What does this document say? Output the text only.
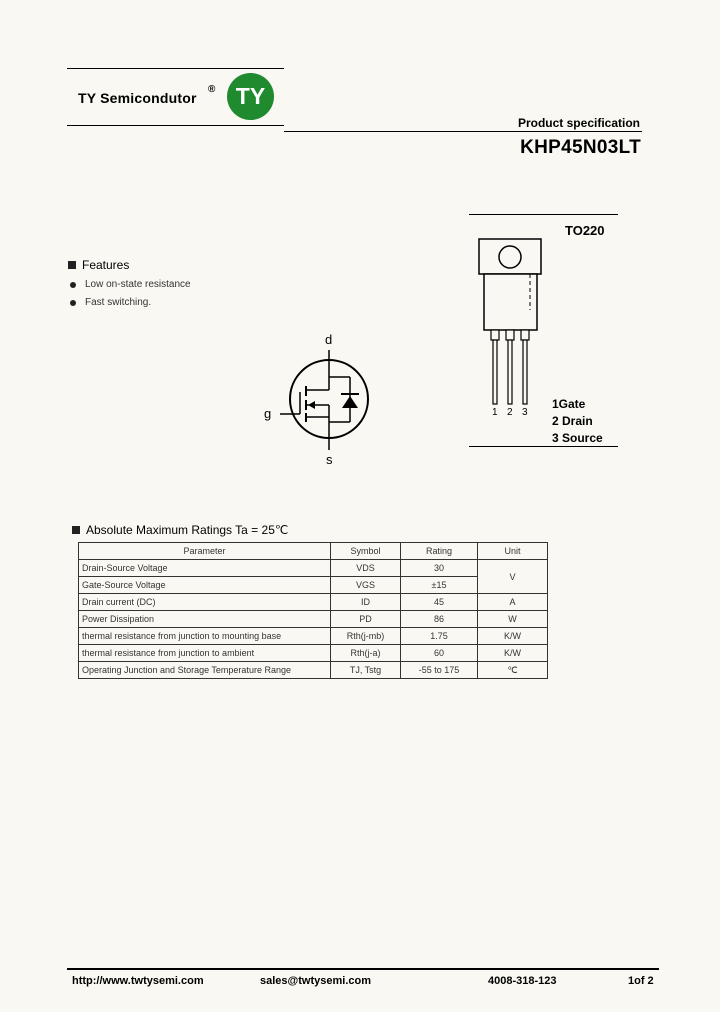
TY Semicondutor
® TY
Product specification
KHP45N03LT
Features
Low on-state resistance
Fast switching.
d
g
s
TO220
1 2 3
1Gate
2 Drain
3 Source
Absolute Maximum Ratings Ta = 25℃
Parameter	Symbol	Rating	Unit
Drain-Source Voltage	VDS	30	V
Gate-Source Voltage	VGS	±15	
Drain current (DC)	ID	45	A
Power Dissipation	PD	86	W
thermal resistance from junction to mounting base	Rth(j-mb)	1.75	K/W
thermal resistance from junction to ambient	Rth(j-a)	60	K/W
Operating Junction and Storage Temperature Range	TJ, Tstg	-55 to 175	℃
http://www.twtysemi.com	sales@twtysemi.com	4008-318-123	1of 2
